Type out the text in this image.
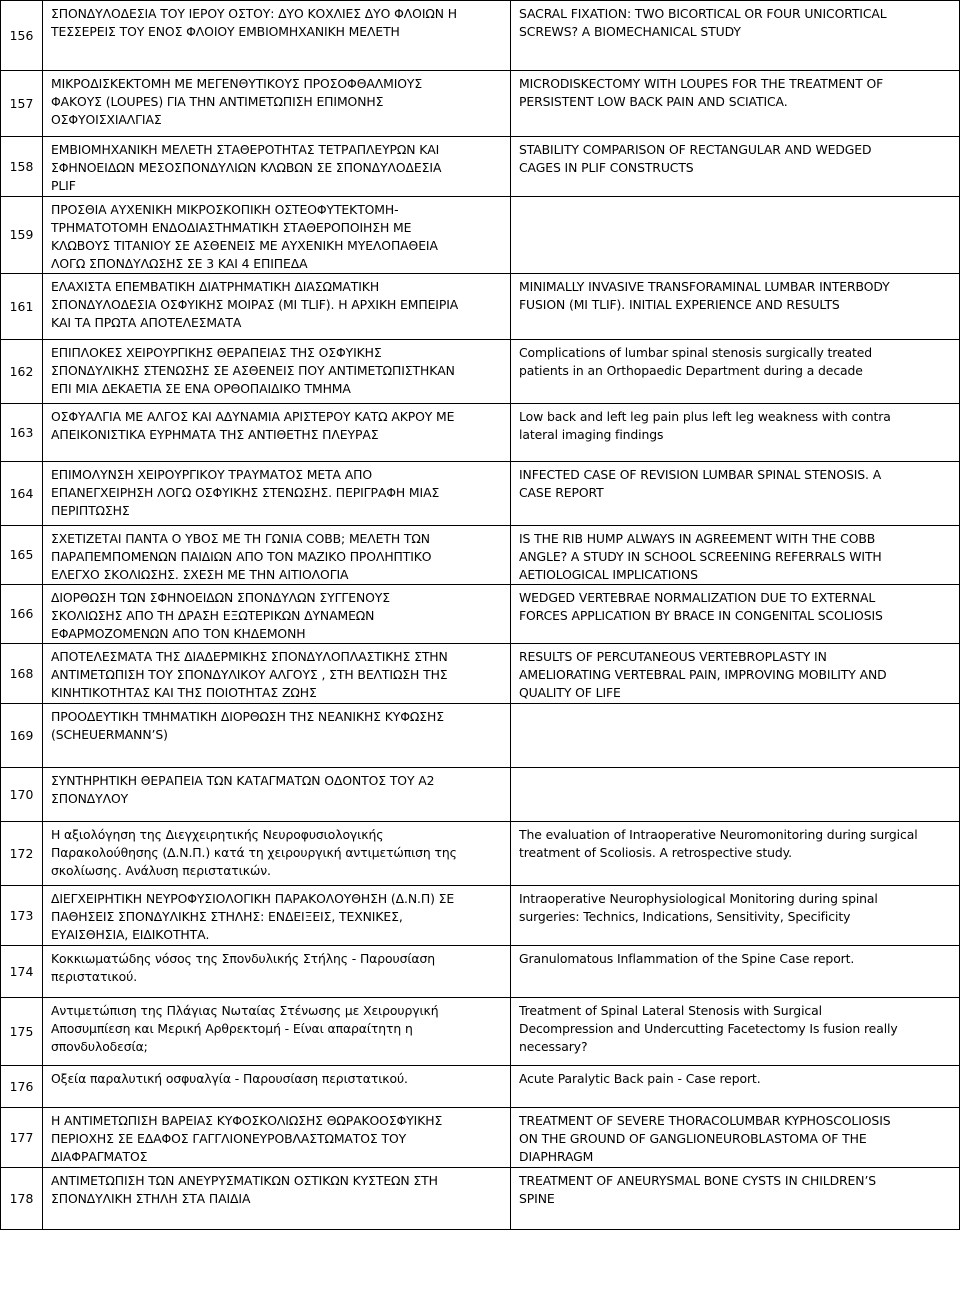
156	ΣΠΟΝΔΥΛΟΔΕΣΙΑ ΤΟΥ ΙΕΡΟΥ ΟΣΤΟΥ: ΔΥΟ ΚΟΧΛΙΕΣ ΔΥΟ ΦΛΟΙΩΝ Η
ΤΕΣΣΕΡΕΙΣ ΤΟΥ ΕΝΟΣ ΦΛΟΙΟΥ ΕΜΒΙΟΜΗΧΑΝΙΚΗ ΜΕΛΕΤΗ	SACRAL FIXATION: TWO BICORTICAL OR FOUR UNICORTICAL
SCREWS? A BIOMECHANICAL STUDY

157	ΜΙΚΡΟΔΙΣΚΕΚΤΟΜΗ ΜΕ ΜΕΓΕΝΘΥΤΙΚΟΥΣ ΠΡΟΣΟΦΘΑΛΜΙΟΥΣ
ΦΑΚΟΥΣ (LOUPES) ΓΙΑ ΤΗΝ ΑΝΤΙΜΕΤΩΠΙΣΗ ΕΠΙΜΟΝΗΣ
ΟΣΦΥΟΙΣΧΙΑΛΓΙΑΣ	MICRODISKECTOMY WITH LOUPES FOR THE TREATMENT OF
PERSISTENT LOW BACK PAIN AND SCIATICA.

158	ΕΜΒΙΟΜΗΧΑΝΙΚΗ ΜΕΛΕΤΗ ΣΤΑΘΕΡΟΤΗΤΑΣ ΤΕΤΡΑΠΛΕΥΡΩΝ ΚΑΙ
ΣΦΗΝΟΕΙΔΩΝ ΜΕΣΟΣΠΟΝΔΥΛΙΩΝ ΚΛΩΒΩΝ ΣΕ ΣΠΟΝΔΥΛΟΔΕΣΙΑ
PLIF	STABILITY COMPARISON OF RECTANGULAR AND WEDGED
CAGES IN PLIF CONSTRUCTS

159	ΠΡΟΣΘΙΑ ΑΥΧΕΝΙΚΗ ΜΙΚΡΟΣΚΟΠΙΚΗ ΟΣΤΕΟΦΥΤΕΚΤΟΜΗ-
ΤΡΗΜΑΤΟΤΟΜΗ ΕΝΔΟΔΙΑΣΤΗΜΑΤΙΚΗ ΣΤΑΘΕΡΟΠΟΙΗΣΗ ΜΕ
ΚΛΩΒΟΥΣ ΤΙΤΑΝΙΟΥ ΣΕ ΑΣΘΕΝΕΙΣ ΜΕ ΑΥΧΕΝΙΚΗ ΜΥΕΛΟΠΑΘΕΙΑ
ΛΟΓΩ ΣΠΟΝΔΥΛΩΣΗΣ ΣΕ 3 ΚΑΙ 4 ΕΠΙΠΕΔΑ	

161	ΕΛΑΧΙΣΤΑ ΕΠΕΜΒΑΤΙΚΗ ΔΙΑΤΡΗΜΑΤΙΚΗ ΔΙΑΣΩΜΑΤΙΚΗ
ΣΠΟΝΔΥΛΟΔΕΣΙΑ ΟΣΦΥΙΚΗΣ ΜΟΙΡΑΣ (MI TLIF). Η ΑΡΧΙΚΗ ΕΜΠΕΙΡΙΑ
ΚΑΙ ΤΑ ΠΡΩΤΑ ΑΠΟΤΕΛΕΣΜΑΤΑ	MINIMALLY INVASIVE TRANSFORAMINAL LUMBAR INTERBODY
FUSION (MI TLIF). INITIAL EXPERIENCE AND RESULTS

162	ΕΠΙΠΛΟΚΕΣ ΧΕΙΡΟΥΡΓΙΚΗΣ ΘΕΡΑΠΕΙΑΣ ΤΗΣ ΟΣΦΥΙΚΗΣ
ΣΠΟΝΔΥΛΙΚΗΣ ΣΤΕΝΩΣΗΣ ΣΕ ΑΣΘΕΝΕΙΣ ΠΟΥ ΑΝΤΙΜΕΤΩΠΙΣΤΗΚΑΝ
ΕΠΙ ΜΙΑ ΔΕΚΑΕΤΙΑ ΣΕ ΕΝΑ ΟΡΘΟΠΑΙΔΙΚΟ ΤΜΗΜΑ	Complications of lumbar spinal stenosis surgically treated
patients in an Orthopaedic Department during a decade

163	ΟΣΦΥΑΛΓΙΑ ΜΕ ΑΛΓΟΣ ΚΑΙ ΑΔΥΝΑΜΙΑ ΑΡΙΣΤΕΡΟΥ ΚΑΤΩ ΑΚΡΟΥ ΜΕ
ΑΠΕΙΚΟΝΙΣΤΙΚΑ ΕΥΡΗΜΑΤΑ ΤΗΣ ΑΝΤΙΘΕΤΗΣ ΠΛΕΥΡΑΣ	Low back and left leg pain plus left leg weakness with contra
lateral imaging findings

164	ΕΠΙΜΟΛΥΝΣΗ ΧΕΙΡΟΥΡΓΙΚΟΥ ΤΡΑΥΜΑΤΟΣ ΜΕΤΑ ΑΠΟ
ΕΠΑΝΕΓΧΕΙΡΗΣΗ ΛΟΓΩ ΟΣΦΥΙΚΗΣ ΣΤΕΝΩΣΗΣ. ΠΕΡΙΓΡΑΦΗ ΜΙΑΣ
ΠΕΡΙΠΤΩΣΗΣ	INFECTED CASE OF REVISION LUMBAR SPINAL STENOSIS. A
CASE REPORT

165	ΣΧΕΤΙΖΕΤΑΙ ΠΑΝΤΑ Ο ΥΒΟΣ ΜΕ ΤΗ ΓΩΝΙΑ COBB; ΜΕΛΕΤΗ ΤΩΝ
ΠΑΡΑΠΕΜΠΟΜΕΝΩΝ ΠΑΙΔΙΩΝ ΑΠΟ ΤΟΝ ΜΑΖΙΚΟ ΠΡΟΛΗΠΤΙΚΟ
ΕΛΕΓΧΟ ΣΚΟΛΙΩΣΗΣ. ΣΧΕΣΗ ΜΕ ΤΗΝ ΑΙΤΙΟΛΟΓΙΑ	IS THE RIB HUMP ALWAYS IN AGREEMENT WITH THE COBB
ANGLE? A STUDY IN SCHOOL SCREENING REFERRALS WITH
AETIOLOGICAL IMPLICATIONS

166	ΔΙΟΡΘΩΣΗ ΤΩΝ ΣΦΗΝΟΕΙΔΩΝ ΣΠΟΝΔΥΛΩΝ ΣΥΓΓΕΝΟΥΣ
ΣΚΟΛΙΩΣΗΣ ΑΠΟ ΤΗ ΔΡΑΣΗ ΕΞΩΤΕΡΙΚΩΝ ΔΥΝΑΜΕΩΝ
ΕΦΑΡΜΟΖΟΜΕΝΩΝ ΑΠΟ ΤΟΝ ΚΗΔΕΜΟΝΗ	WEDGED VERTEBRAE NORMALIZATION DUE TO EXTERNAL
FORCES APPLICATION BY BRACE IN CONGENITAL SCOLIOSIS

168	ΑΠΟΤΕΛΕΣΜΑΤΑ ΤΗΣ ΔΙΑΔΕΡΜΙΚΗΣ ΣΠΟΝΔΥΛΟΠΛΑΣΤΙΚΗΣ ΣΤΗΝ
ΑΝΤΙΜΕΤΩΠΙΣΗ ΤΟΥ ΣΠΟΝΔΥΛΙΚΟΥ ΑΛΓΟΥΣ , ΣΤΗ ΒΕΛΤΙΩΣΗ ΤΗΣ
ΚΙΝΗΤΙΚΟΤΗΤΑΣ ΚΑΙ ΤΗΣ ΠΟΙΟΤΗΤΑΣ ΖΩΗΣ	RESULTS OF PERCUTANEOUS VERTEBROPLASTY IN
AMELIORATING VERTEBRAL PAIN, IMPROVING MOBILITY AND
QUALITY OF LIFE

169	ΠΡΟΟΔΕΥΤΙΚΗ ΤΜΗΜΑΤΙΚΗ ΔΙΟΡΘΩΣΗ ΤΗΣ ΝΕΑΝΙΚΗΣ ΚΥΦΩΣΗΣ
(SCHEUERMANN’S)	

170	ΣΥΝΤΗΡΗΤΙΚΗ ΘΕΡΑΠΕΙΑ ΤΩΝ ΚΑΤΑΓΜΑΤΩΝ ΟΔΟΝΤΟΣ ΤΟΥ Α2
ΣΠΟΝΔΥΛΟΥ	

172	Η αξιολόγηση της Διεγχειρητικής Νευροφυσιολογικής
Παρακολούθησης (Δ.Ν.Π.) κατά τη χειρουργική αντιμετώπιση της
σκολίωσης. Ανάλυση περιστατικών.	The evaluation of Intraoperative Neuromonitoring during surgical
treatment of Scoliosis. A retrospective study.

173	ΔΙΕΓΧΕΙΡΗΤΙΚΗ ΝΕΥΡΟΦΥΣΙΟΛΟΓΙΚΗ ΠΑΡΑΚΟΛΟΥΘΗΣΗ (Δ.Ν.Π) ΣΕ
ΠΑΘΗΣΕΙΣ ΣΠΟΝΔΥΛΙΚΗΣ ΣΤΗΛΗΣ: ΕΝΔΕΙΞΕΙΣ, ΤΕΧΝΙΚΕΣ,
ΕΥΑΙΣΘΗΣΙΑ, ΕΙΔΙΚΟΤΗΤΑ.	Intraoperative Neurophysiological Monitoring during spinal
surgeries: Technics, Indications, Sensitivity, Specificity

174	Κοκκιωματώδης νόσος της Σπονδυλικής Στήλης - Παρουσίαση
περιστατικού.	Granulomatous Inflammation of the Spine Case report.

175	Αντιμετώπιση της Πλάγιας Νωταίας Στένωσης με Χειρουργική
Αποσυμπίεση και Μερική Αρθρεκτομή - Είναι απαραίτητη η
σπονδυλοδεσία;	Treatment of Spinal Lateral Stenosis with Surgical
Decompression and Undercutting Facetectomy Is fusion really
necessary?

176	Οξεία παραλυτική οσφυαλγία - Παρουσίαση περιστατικού.	Acute Paralytic Back pain - Case report.

177	Η ΑΝΤΙΜΕΤΩΠΙΣΗ ΒΑΡΕΙΑΣ ΚΥΦΟΣΚΟΛΙΩΣΗΣ ΘΩΡΑΚΟΟΣΦΥΙΚΗΣ
ΠΕΡΙΟΧΗΣ ΣΕ ΕΔΑΦΟΣ ΓΑΓΓΛΙΟΝΕΥΡΟΒΛΑΣΤΩΜΑΤΟΣ ΤΟΥ
ΔΙΑΦΡΑΓΜΑΤΟΣ	TREATMENT OF SEVERE THORACOLUMBAR KYPHOSCOLIOSIS
ON THE GROUND OF GANGLIONEUROBLASTOMA OF THE
DIAPHRAGM

178	ΑΝΤΙΜΕΤΩΠΙΣΗ ΤΩΝ ΑΝΕΥΡΥΣΜΑΤΙΚΩΝ ΟΣΤΙΚΩΝ ΚΥΣΤΕΩΝ ΣΤΗ
ΣΠΟΝΔΥΛΙΚΗ ΣΤΗΛΗ ΣΤΑ ΠΑΙΔΙΑ	TREATMENT OF ANEURYSMAL BONE CYSTS IN CHILDREN’S
SPINE
